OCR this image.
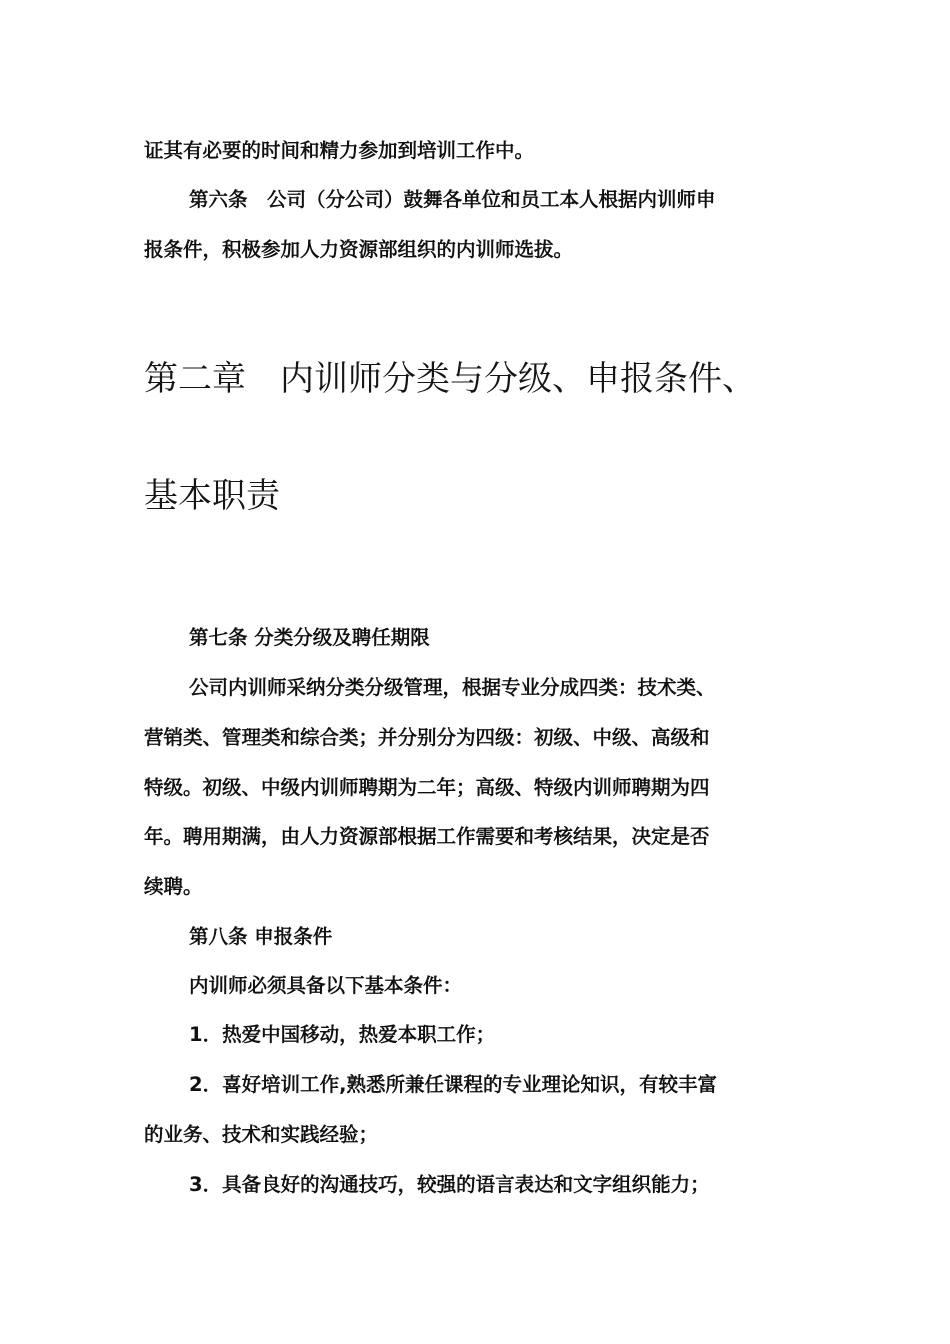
证其有必要的时间和精力参加到培训工作中。
第六条　公司（分公司）鼓舞各单位和员工本人根据内训师申
报条件，积极参加人力资源部组织的内训师选拔。
第二章　内训师分类与分级、申报条件、
基本职责
第七条 分类分级及聘任期限
公司内训师采纳分类分级管理，根据专业分成四类：技术类、
营销类、管理类和综合类；并分别分为四级：初级、中级、高级和
特级。初级、中级内训师聘期为二年；高级、特级内训师聘期为四
年。聘用期满，由人力资源部根据工作需要和考核结果，决定是否
续聘。
第八条 申报条件
内训师必须具备以下基本条件：
1．热爱中国移动，热爱本职工作；
2．喜好培训工作,熟悉所兼任课程的专业理论知识，有较丰富
的业务、技术和实践经验；
3．具备良好的沟通技巧，较强的语言表达和文字组织能力；
